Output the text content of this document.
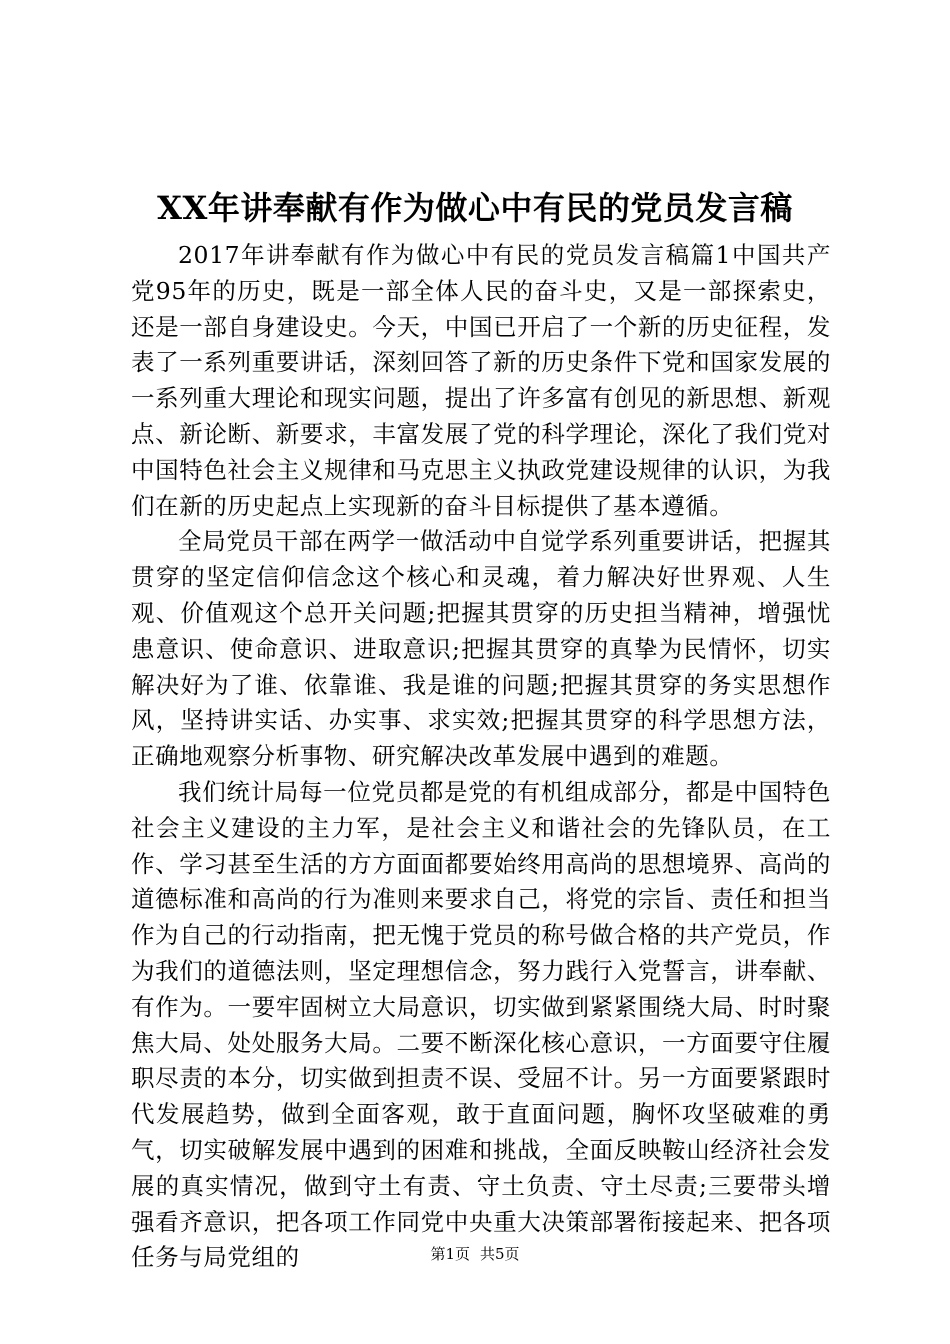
XX年讲奉献有作为做心中有民的党员发言稿

2017年讲奉献有作为做心中有民的党员发言稿篇1中国共产党95年的历史，既是一部全体人民的奋斗史，又是一部探索史，还是一部自身建设史。今天，中国已开启了一个新的历史征程，发表了一系列重要讲话，深刻回答了新的历史条件下党和国家发展的一系列重大理论和现实问题，提出了许多富有创见的新思想、新观点、新论断、新要求，丰富发展了党的科学理论，深化了我们党对中国特色社会主义规律和马克思主义执政党建设规律的认识，为我们在新的历史起点上实现新的奋斗目标提供了基本遵循。

全局党员干部在两学一做活动中自觉学系列重要讲话，把握其贯穿的坚定信仰信念这个核心和灵魂，着力解决好世界观、人生观、价值观这个总开关问题;把握其贯穿的历史担当精神，增强忧患意识、使命意识、进取意识;把握其贯穿的真挚为民情怀，切实解决好为了谁、依靠谁、我是谁的问题;把握其贯穿的务实思想作风，坚持讲实话、办实事、求实效;把握其贯穿的科学思想方法，正确地观察分析事物、研究解决改革发展中遇到的难题。

我们统计局每一位党员都是党的有机组成部分，都是中国特色社会主义建设的主力军，是社会主义和谐社会的先锋队员，在工作、学习甚至生活的方方面面都要始终用高尚的思想境界、高尚的道德标准和高尚的行为准则来要求自己，将党的宗旨、责任和担当作为自己的行动指南，把无愧于党员的称号做合格的共产党员，作为我们的道德法则，坚定理想信念，努力践行入党誓言，讲奉献、有作为。一要牢固树立大局意识，切实做到紧紧围绕大局、时时聚焦大局、处处服务大局。二要不断深化核心意识，一方面要守住履职尽责的本分，切实做到担责不误、受屈不计。另一方面要紧跟时代发展趋势，做到全面客观，敢于直面问题，胸怀攻坚破难的勇气，切实破解发展中遇到的困难和挑战，全面反映鞍山经济社会发展的真实情况，做到守土有责、守土负责、守土尽责;三要带头增强看齐意识，把各项工作同党中央重大决策部署衔接起来、把各项任务与局党组的	第1页 共5页
